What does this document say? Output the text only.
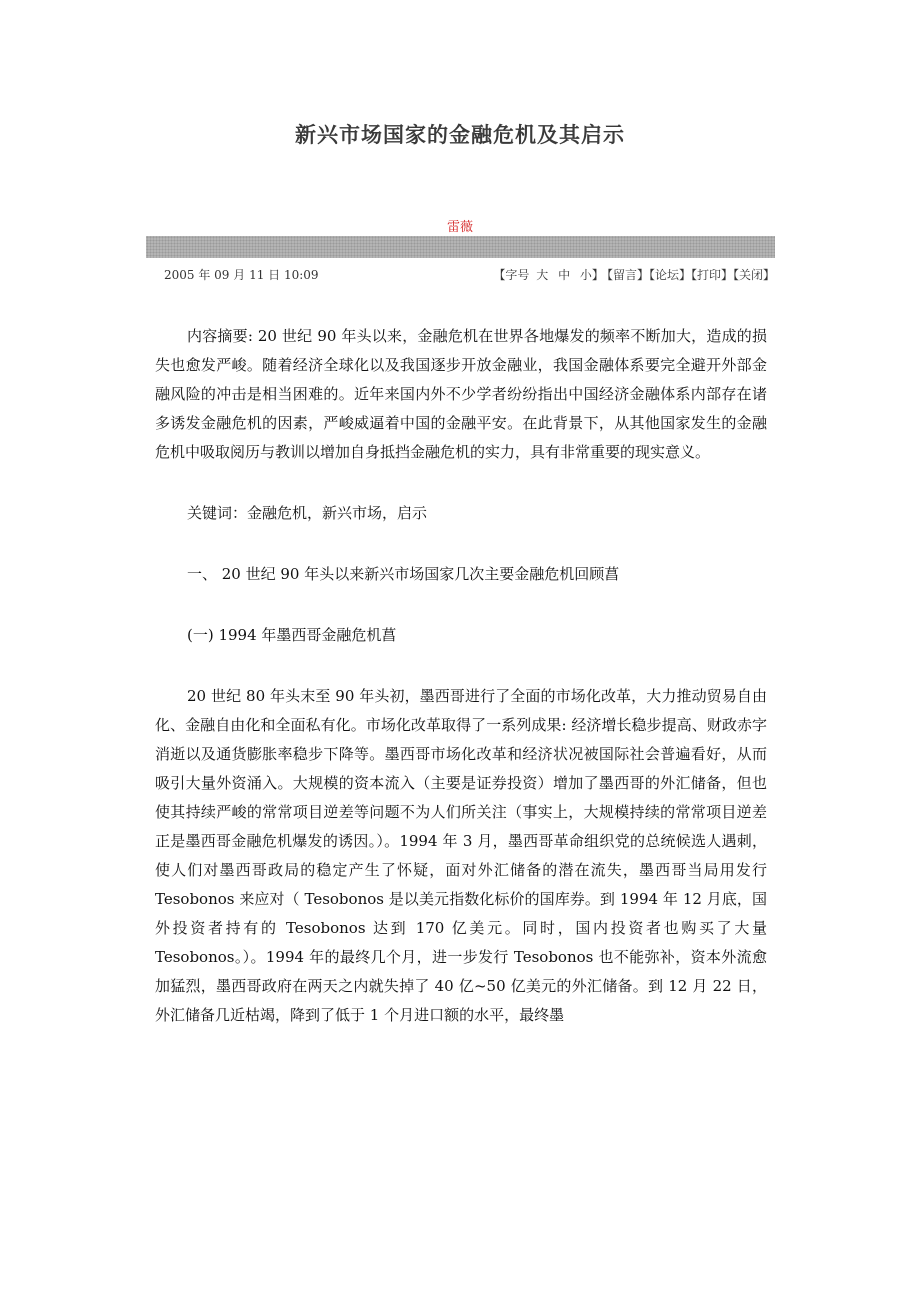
新兴市场国家的金融危机及其启示
雷薇
2005 年 09 月 11 日 10:09	【字号 大 中 小】 【留言】【论坛】【打印】【关闭】

内容摘要: 20 世纪 90 年头以来，金融危机在世界各地爆发的频率不断加大，造成的损失也愈发严峻。随着经济全球化以及我国逐步开放金融业，我国金融体系要完全避开外部金融风险的冲击是相当困难的。近年来国内外不少学者纷纷指出中国经济金融体系内部存在诸多诱发金融危机的因素，严峻威逼着中国的金融平安。在此背景下，从其他国家发生的金融危机中吸取阅历与教训以增加自身抵挡金融危机的实力，具有非常重要的现实意义。

关键词：金融危机，新兴市场，启示

一、 20 世纪 90 年头以来新兴市场国家几次主要金融危机回顾菖

(一) 1994 年墨西哥金融危机菖

20 世纪 80 年头末至 90 年头初，墨西哥进行了全面的市场化改革，大力推动贸易自由化、金融自由化和全面私有化。市场化改革取得了一系列成果: 经济增长稳步提高、财政赤字消逝以及通货膨胀率稳步下降等。墨西哥市场化改革和经济状况被国际社会普遍看好，从而吸引大量外资涌入。大规模的资本流入（主要是证券投资）增加了墨西哥的外汇储备，但也使其持续严峻的常常项目逆差等问题不为人们所关注（事实上，大规模持续的常常项目逆差正是墨西哥金融危机爆发的诱因。）。1994 年 3 月，墨西哥革命组织党的总统候选人遇刺，使人们对墨西哥政局的稳定产生了怀疑，面对外汇储备的潜在流失，墨西哥当局用发行 Tesobonos 来应对（ Tesobonos 是以美元指数化标价的国库券。到 1994 年 12 月底，国外投资者持有的 Tesobonos 达到 170 亿美元。同时，国内投资者也购买了大量 Tesobonos。）。1994 年的最终几个月，进一步发行 Tesobonos 也不能弥补，资本外流愈加猛烈，墨西哥政府在两天之内就失掉了 40 亿~50 亿美元的外汇储备。到 12 月 22 日，外汇储备几近枯竭，降到了低于 1 个月进口额的水平，最终墨
